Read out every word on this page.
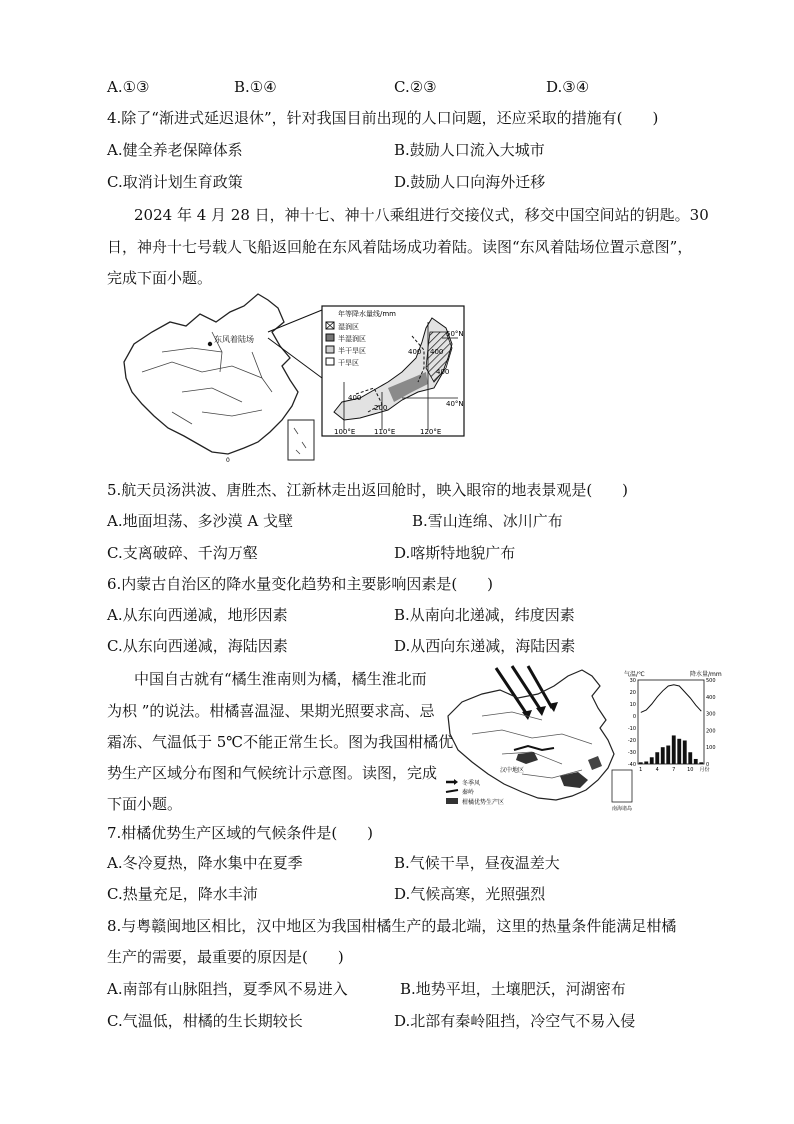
A.①③	B.①④	C.②③	D.③④
4.除了“渐进式延迟退休”，针对我国目前出现的人口问题，还应采取的措施有(　　)
A.健全养老保障体系	B.鼓励人口流入大城市
C.取消计划生育政策	D.鼓励人口向海外迁移
2024 年 4 月 28 日，神十七、神十八乘组进行交接仪式，移交中国空间站的钥匙。30
日，神舟十七号载人飞船返回舱在东风着陆场成功着陆。读图“东风着陆场位置示意图”，
完成下面小题。
东风着陆场
0
年等降水量线/mm
湿润区
半湿润区
半干旱区
干旱区
400 400
200
400
400
50°N
40°N
100°E	110°E	120°E
5.航天员汤洪波、唐胜杰、江新林走出返回舱时，映入眼帘的地表景观是(　　)
A.地面坦荡、多沙漠 A 戈壁	B.雪山连绵、冰川广布
C.支离破碎、千沟万壑	D.喀斯特地貌广布
6.内蒙古自治区的降水量变化趋势和主要影响因素是(　　)
A.从东向西递减，地形因素	B.从南向北递减，纬度因素
C.从东向西递减，海陆因素	D.从西向东递减，海陆因素
中国自古就有“橘生淮南则为橘，橘生淮北而
为枳 ”的说法。柑橘喜温湿、果期光照要求高、忌
霜冻、气温低于 5℃不能正常生长。图为我国柑橘优
势生产区域分布图和气候统计示意图。读图，完成
下面小题。
汉中地区
南海诸岛
冬季风
秦岭
柑橘优势生产区
气温/℃	降水量/mm
30
20
10
0
-10
-20
-30
-40
500
400
300
200
100
0
1	4	7 10 月份
7.柑橘优势生产区域的气候条件是(　　)
A.冬冷夏热，降水集中在夏季	B.气候干旱，昼夜温差大
C.热量充足，降水丰沛	D.气候高寒，光照强烈
8.与粤赣闽地区相比，汉中地区为我国柑橘生产的最北端，这里的热量条件能满足柑橘
生产的需要，最重要的原因是(　　)
A.南部有山脉阻挡，夏季风不易进入	B.地势平坦，土壤肥沃，河湖密布
C.气温低，柑橘的生长期较长	D.北部有秦岭阻挡，冷空气不易入侵
